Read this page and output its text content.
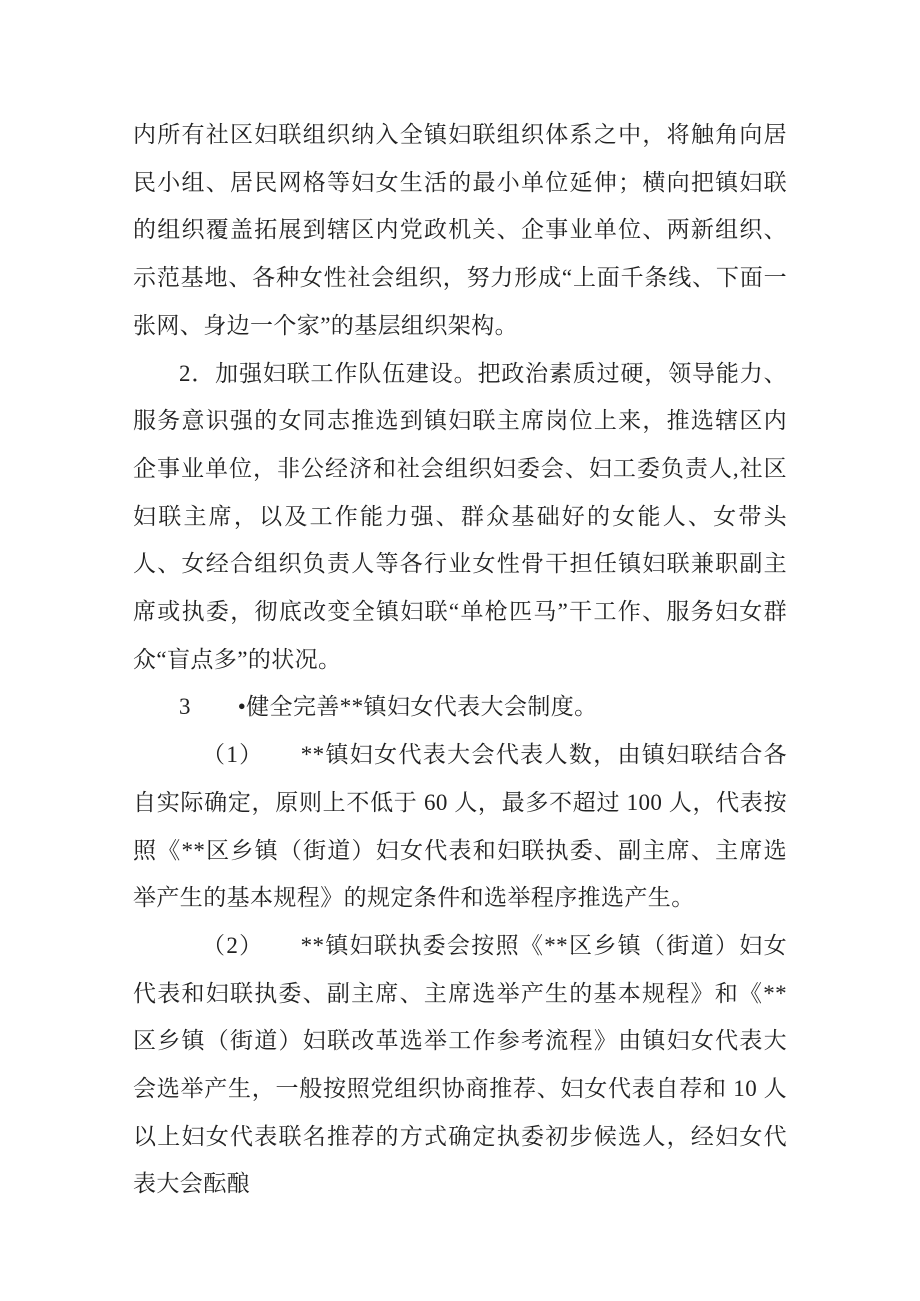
内所有社区妇联组织纳入全镇妇联组织体系之中，将触角向居民小组、居民网格等妇女生活的最小单位延伸；横向把镇妇联的组织覆盖拓展到辖区内党政机关、企事业单位、两新组织、示范基地、各种女性社会组织，努力形成“上面千条线、下面一张网、身边一个家”的基层组织架构。

2．加强妇联工作队伍建设。把政治素质过硬，领导能力、服务意识强的女同志推选到镇妇联主席岗位上来，推选辖区内企事业单位，非公经济和社会组织妇委会、妇工委负责人,社区妇联主席，以及工作能力强、群众基础好的女能人、女带头人、女经合组织负责人等各行业女性骨干担任镇妇联兼职副主席或执委，彻底改变全镇妇联“单枪匹马”干工作、服务妇女群众“盲点多”的状况。

3　　•健全完善**镇妇女代表大会制度。

（1）　　**镇妇女代表大会代表人数，由镇妇联结合各自实际确定，原则上不低于 60 人，最多不超过 100 人，代表按照《**区乡镇（街道）妇女代表和妇联执委、副主席、主席选举产生的基本规程》的规定条件和选举程序推选产生。

（2）　　**镇妇联执委会按照《**区乡镇（街道）妇女代表和妇联执委、副主席、主席选举产生的基本规程》和《**区乡镇（街道）妇联改革选举工作参考流程》由镇妇女代表大会选举产生，一般按照党组织协商推荐、妇女代表自荐和 10 人以上妇女代表联名推荐的方式确定执委初步候选人，经妇女代表大会酝酿
